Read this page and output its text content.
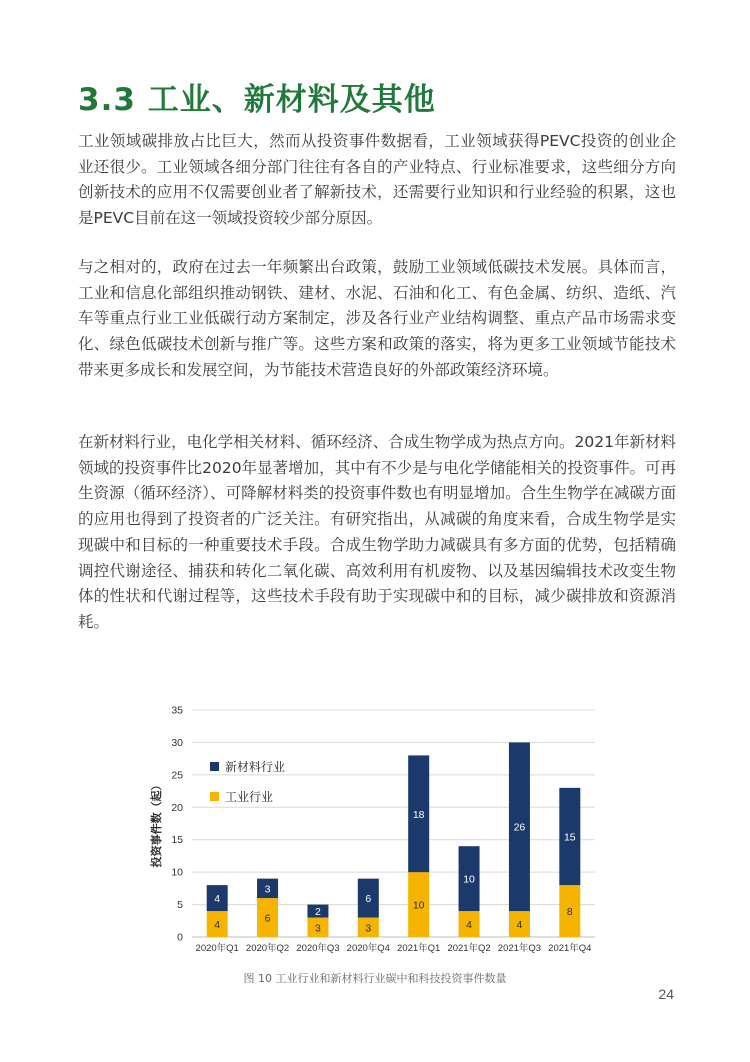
3.3 工业、新材料及其他

工业领域碳排放占比巨大，然而从投资事件数据看，工业领域获得PEVC投资的创业企业还很少。工业领域各细分部门往往有各自的产业特点、行业标准要求，这些细分方向创新技术的应用不仅需要创业者了解新技术，还需要行业知识和行业经验的积累，这也是PEVC目前在这一领域投资较少部分原因。

与之相对的，政府在过去一年频繁出台政策，鼓励工业领域低碳技术发展。具体而言，工业和信息化部组织推动钢铁、建材、水泥、石油和化工、有色金属、纺织、造纸、汽车等重点行业工业低碳行动方案制定，涉及各行业产业结构调整、重点产品市场需求变化、绿色低碳技术创新与推广等。这些方案和政策的落实，将为更多工业领域节能技术带来更多成长和发展空间，为节能技术营造良好的外部政策经济环境。

在新材料行业，电化学相关材料、循环经济、合成生物学成为热点方向。2021年新材料领域的投资事件比2020年显著增加，其中有不少是与电化学储能相关的投资事件。可再生资源（循环经济）、可降解材料类的投资事件数也有明显增加。合生生物学在减碳方面的应用也得到了投资者的广泛关注。有研究指出，从减碳的角度来看，合成生物学是实现碳中和目标的一种重要技术手段。合成生物学助力减碳具有多方面的优势，包括精确调控代谢途径、捕获和转化二氧化碳、高效利用有机废物、以及基因编辑技术改变生物体的性状和代谢过程等，这些技术手段有助于实现碳中和的目标，减少碳排放和资源消耗。

0
5
10
15
20
25
30
35
投资事件数（起）
4
4
2020年Q1
6
3
2020年Q2
3
2
2020年Q3
3
6
2020年Q4
10
18
2021年Q1
4
10
2021年Q2
4
26
2021年Q3
8
15
2021年Q4
新材料行业
工业行业
图 10 工业行业和新材料行业碳中和科技投资事件数量
24
